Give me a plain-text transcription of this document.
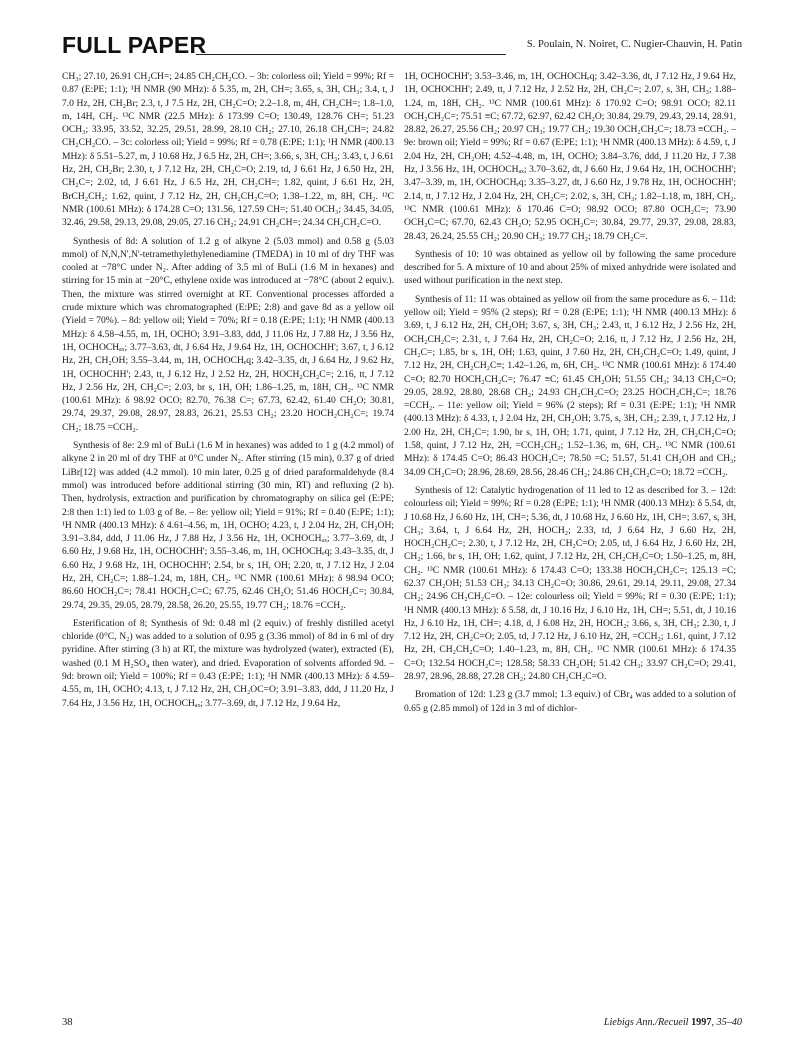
FULL PAPER	S. Poulain, N. Noiret, C. Nugier-Chauvin, H. Patin

CH₃; 27.10, 26.91 CH₂CH=; 24.85 CH₂CH₂CO. – 3b: colorless oil; Yield = 99%; Rf = 0.87 (E:PE; 1:1); ¹H NMR (90 MHz): δ 5.35, m, 2H, CH=; 3.65, s, 3H, CH₃; 3.4, t, J 7.0 Hz, 2H, CH₂Br; 2.3, t, J 7.5 Hz, 2H, CH₂C=O; 2.2–1.8, m, 4H, CH₂CH=; 1.8–1.0, m, 14H, CH₂. ¹³C NMR (22.5 MHz): δ 173.99 C=O; 130.49, 128.76 CH=; 51.23 OCH₃; 33.95, 33.52, 32.25, 29.51, 28.99, 28.10 CH₂; 27.10, 26.18 CH₂CH=; 24.82 CH₂CH₂CO. – 3c: colorless oil; Yield = 99%; Rf = 0.78 (E:PE; 1:1); ¹H NMR (400.13 MHz): δ 5.51–5.27, m, J 10.68 Hz, J 6.5 Hz, 2H, CH=; 3.66, s, 3H, CH₃; 3.43, t, J 6.61 Hz, 2H, CH₂Br; 2.30, t, J 7.12 Hz, 2H, CH₂C=O; 2.19, td, J 6.61 Hz, J 6.50 Hz, 2H, CH₂C=; 2.02, td, J 6.61 Hz, J 6.5 Hz, 2H, CH₂CH=; 1.82, quint, J 6.61 Hz, 2H, BrCH₂CH₂; 1.62, quint, J 7.12 Hz, 2H, CH₂CH₂C=O; 1.38–1.22, m, 8H, CH₂. ¹³C NMR (100.61 MHz): δ 174.28 C=O; 131.56, 127.59 CH=; 51.40 OCH₃; 34.45, 34.05, 32.46, 29.58, 29.13, 29.08, 29.05, 27.16 CH₂; 24.91 CH₂CH=; 24.34 CH₂CH₂C=O.

Synthesis of 8d: A solution of 1.2 g of alkyne 2 (5.03 mmol) and 0.58 g (5.03 mmol) of N,N,N',N'-tetramethylethylenediamine (TMEDA) in 10 ml of dry THF was cooled at −78°C under N₂. After adding of 3.5 ml of BuLi (1.6 M in hexanes) and stirring for 15 min at −20°C, ethylene oxide was introduced at −78°C (about 2 equiv.). Then, the mixture was stirred overnight at RT. Conventional processes afforded a crude mixture which was chromatographed (E:PE; 2:8) and gave 8d as a yellow oil (Yield = 70%). – 8d: yellow oil; Yield = 70%; Rf = 0.18 (E:PE; 1:1); ¹H NMR (400.13 MHz): δ 4.58–4.55, m, 1H, OCHO; 3.91–3.83, ddd, J 11.06 Hz, J 7.88 Hz, J 3.56 Hz, 1H, OCHOCHₐₓ; 3.77–3.63, dt, J 6.64 Hz, J 9.64 Hz, 1H, OCHOCHH'; 3.67, t, J 6.12 Hz, 2H, CH₂OH; 3.55–3.44, m, 1H, OCHOCHₑq; 3.42–3.35, dt, J 6.64 Hz, J 9.62 Hz, 1H, OCHOCHH'; 2.43, tt, J 6.12 Hz, J 2.52 Hz, 2H, HOCH₂CH₂C=; 2.16, tt, J 7.12 Hz, J 2.56 Hz, 2H, CH₂C=; 2.03, br s, 1H, OH; 1.86–1.25, m, 18H, CH₂. ¹³C NMR (100.61 MHz): δ 98.92 OCO; 82.70, 76.38 C=; 67.73, 62.42, 61.40 CH₂O; 30.81, 29.74, 29.37, 29.08, 28.97, 28.83, 26.21, 25.53 CH₂; 23.20 HOCH₂CH₂C=; 19.74 CH₂; 18.75 =CCH₂.

Synthesis of 8e: 2.9 ml of BuLi (1.6 M in hexanes) was added to 1 g (4.2 mmol) of alkyne 2 in 20 ml of dry THF at 0°C under N₂. After stirring (15 min), 0.37 g of dried LiBr[12] was added (4.2 mmol). 10 min later, 0.25 g of dried paraformaldehyde (8.4 mmol) was introduced before additional stirring (30 min, RT) and refluxing (2 h). Then, hydrolysis, extraction and purification by chromatography on silica gel (E:PE; 2:8 then 1:1) led to 1.03 g of 8e. – 8e: yellow oil; Yield = 91%; Rf = 0.40 (E:PE; 1:1); ¹H NMR (400.13 MHz): δ 4.61–4.56, m, 1H, OCHO; 4.23, t, J 2.04 Hz, 2H, CH₂OH; 3.91–3.84, ddd, J 11.06 Hz, J 7.88 Hz, J 3.56 Hz, 1H, OCHOCHₐₓ; 3.77–3.69, dt, J 6.60 Hz, J 9.68 Hz, 1H, OCHOCHH'; 3.55–3.46, m, 1H, OCHOCHₑq; 3.43–3.35, dt, J 6.60 Hz, J 9.68 Hz, 1H, OCHOCHH'; 2.54, br s, 1H, OH; 2.20, tt, J 7.12 Hz, J 2.04 Hz, 2H, CH₂C=; 1.88–1.24, m, 18H, CH₂. ¹³C NMR (100.61 MHz): δ 98.94 OCO; 86.60 HOCH₂C=; 78.41 HOCH₂C=C; 67.75, 62.46 CH₂O; 51.46 HOCH₂C=; 30.84, 29.74, 29.35, 29.05, 28.79, 28.58, 26.20, 25.55, 19.77 CH₂; 18.76 =CCH₂.

Esterification of 8; Synthesis of 9d: 0.48 ml (2 equiv.) of freshly distilled acetyl chloride (0°C, N₂) was added to a solution of 0.95 g (3.36 mmol) of 8d in 6 ml of dry pyridine. After stirring (3 h) at RT, the mixture was hydrolyzed (water), extracted (E), washed (0.1 M H₂SO₄ then water), and dried. Evaporation of solvents afforded 9d. – 9d: brown oil; Yield = 100%; Rf = 0.43 (E:PE; 1:1); ¹H NMR (400.13 MHz): δ 4.59–4.55, m, 1H, OCHO; 4.13, t, J 7.12 Hz, 2H, CH₂OC=O; 3.91–3.83, ddd, J 11.20 Hz, J 7.64 Hz, J 3.56 Hz, 1H, OCHOCHₐₓ; 3.77–3.69, dt, J 7.12 Hz, J 9.64 Hz,

1H, OCHOCHH'; 3.53–3.46, m, 1H, OCHOCHₑq; 3.42–3.36, dt, J 7.12 Hz, J 9.64 Hz, 1H, OCHOCHH'; 2.49, tt, J 7.12 Hz, J 2.52 Hz, 2H, CH₂C=; 2.07, s, 3H, CH₃; 1.88–1.24, m, 18H, CH₂. ¹³C NMR (100.61 MHz): δ 170.92 C=O; 98.91 OCO; 82.11 OCH₂CH₂C=; 75.51 ≡C; 67.72, 62.97, 62.42 CH₂O; 30.84, 29.79, 29.43, 29.14, 28.91, 28.82, 26.27, 25.56 CH₂; 20.97 CH₃; 19.77 CH₂; 19.30 OCH₂CH₂C=; 18.73 ≡CCH₂. – 9e: brown oil; Yield = 99%; Rf = 0.67 (E:PE; 1:1); ¹H NMR (400.13 MHz): δ 4.59, t, J 2.04 Hz, 2H, CH₂OH; 4.52–4.48, m, 1H, OCHO; 3.84–3.76, ddd, J 11.20 Hz, J 7.38 Hz, J 3.56 Hz, 1H, OCHOCHₐₓ; 3.70–3.62, dt, J 6.60 Hz, J 9.64 Hz, 1H, OCHOCHH'; 3.47–3.39, m, 1H, OCHOCHₑq; 3.35–3.27, dt, J 6.60 Hz, J 9.78 Hz, 1H, OCHOCHH'; 2.14, tt, J 7.12 Hz, J 2.04 Hz, 2H, CH₂C=; 2.02, s, 3H, CH₃; 1.82–1.18, m, 18H, CH₂. ¹³C NMR (100.61 MHz): δ 170.46 C=O; 98.92 OCO; 87.80 OCH₂C=; 73.90 OCH₂C=C; 67.70, 62.43 CH₂O; 52.95 OCH₂C=; 30.84, 29.77, 29.37, 29.08, 28.83, 28.43, 26.24, 25.55 CH₂; 20.90 CH₃; 19.77 CH₂; 18.79 CH₂C=.

Synthesis of 10: 10 was obtained as yellow oil by following the same procedure described for 5. A mixture of 10 and about 25% of mixed anhydride were isolated and used without purification in the next step.

Synthesis of 11: 11 was obtained as yellow oil from the same procedure as 6. – 11d: yellow oil; Yield = 95% (2 steps); Rf = 0.28 (E:PE; 1:1); ¹H NMR (400.13 MHz): δ 3.69, t, J 6.12 Hz, 2H, CH₂OH; 3.67, s, 3H, CH₃; 2.43, tt, J 6.12 Hz, J 2.56 Hz, 2H, OCH₂CH₂C=; 2.31, t, J 7.64 Hz, 2H, CH₂C=O; 2.16, tt, J 7.12 Hz, J 2.56 Hz, 2H, CH₂C=; 1.85, br s, 1H, OH; 1.63, quint, J 7.60 Hz, 2H, CH₂CH₂C=O; 1.49, quint, J 7.12 Hz, 2H, CH₂CH₂C≡; 1.42–1.26, m, 6H, CH₂. ¹³C NMR (100.61 MHz): δ 174.40 C=O; 82.70 HOCH₂CH₂C=; 76.47 ≡C; 61.45 CH₂OH; 51.55 CH₃; 34.13 CH₂C=O; 29.05, 28.92, 28.80, 28.68 CH₂; 24.93 CH₂CH₂C=O; 23.25 HOCH₂CH₂C=; 18.76 =CCH₂. – 11e: yellow oil; Yield = 96% (2 steps); Rf = 0.31 (E:PE; 1:1); ¹H NMR (400.13 MHz): δ 4.33, t, J 2.04 Hz, 2H, CH₂OH; 3.75, s, 3H, CH₃; 2.39, t, J 7.12 Hz, J 2.00 Hz, 2H, CH₂C=; 1.90, br s, 1H, OH; 1.71, quint, J 7.12 Hz, 2H, CH₂CH₂C=O; 1.58, quint, J 7.12 Hz, 2H, =CCH₂CH₂; 1.52–1.36, m, 6H, CH₂. ¹³C NMR (100.61 MHz): δ 174.45 C=O; 86.43 HOCH₂C=; 78.50 =C; 51.57, 51.41 CH₂OH and CH₃; 34.09 CH₂C=O; 28.96, 28.69, 28.56, 28.46 CH₂; 24.86 CH₂CH₂C=O; 18.72 =CCH₂.

Synthesis of 12: Catalytic hydrogenation of 11 led to 12 as described for 3. – 12d: colourless oil; Yield = 99%; Rf = 0.28 (E:PE; 1:1); ¹H NMR (400.13 MHz): δ 5.54, dt, J 10.68 Hz, J 6.60 Hz, 1H, CH=; 5.36, dt, J 10.68 Hz, J 6.60 Hz, 1H, CH=; 3.67, s, 3H, CH₃; 3.64, t, J 6.64 Hz, 2H, HOCH₂; 2.33, td, J 6.64 Hz, J 6.60 Hz, 2H, HOCH₂CH₂C=; 2.30, t, J 7.12 Hz, 2H, CH₂C=O; 2.05, td, J 6.64 Hz, J 6.60 Hz, 2H, CH₂; 1.66, br s, 1H, OH; 1.62, quint, J 7.12 Hz, 2H, CH₂CH₂C=O; 1.50–1.25, m, 8H, CH₂. ¹³C NMR (100.61 MHz): δ 174.43 C=O; 133.38 HOCH₂CH₂C=; 125.13 =C; 62.37 CH₂OH; 51.53 CH₃; 34.13 CH₂C=O; 30.86, 29.61, 29.14, 29.11, 29.08, 27.34 CH₂; 24.96 CH₂CH₂C=O. – 12e: colourless oil; Yield = 99%; Rf = 0.30 (E:PE; 1:1); ¹H NMR (400.13 MHz): δ 5.58, dt, J 10.16 Hz, J 6.10 Hz, 1H, CH=; 5.51, dt, J 10.16 Hz, J 6.10 Hz, 1H, CH=; 4.18, d, J 6.08 Hz, 2H, HOCH₂; 3.66, s, 3H, CH₃; 2.30, t, J 7.12 Hz, 2H, CH₂C=O; 2.05, td, J 7.12 Hz, J 6.10 Hz, 2H, =CCH₂; 1.61, quint, J 7.12 Hz, 2H, CH₂CH₂C=O; 1.40–1.23, m, 8H, CH₂. ¹³C NMR (100.61 MHz): δ 174.35 C=O; 132.54 HOCH₂C=; 128.58; 58.33 CH₂OH; 51.42 CH₃; 33.97 CH₂C=O; 29.41, 28.97, 28.96, 28.88, 27.28 CH₂; 24.80 CH₂CH₂C=O.

Bromation of 12d: 1.23 g (3.7 mmol; 1.3 equiv.) of CBr₄ was added to a solution of 0.65 g (2.85 mmol) of 12d in 3 ml of dichlor-

38	Liebigs Ann./Recueil 1997, 35–40
